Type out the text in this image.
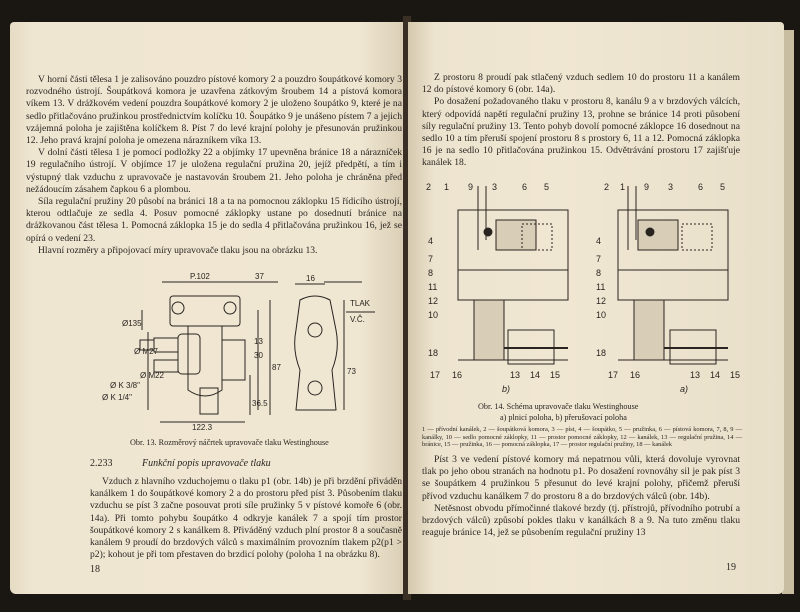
V horní části tělesa 1 je zalisováno pouzdro pístové komory 2 a pouzdro šoupátkové komory 3 rozvodného ústrojí. Šoupátková komora je uzavřena zátkovým šroubem 14 a pístová komora víkem 13. V drážkovém vedení pouzdra šoupátkové komory 2 je uloženo šoupátko 9, které je na sedlo přitlačováno pružinkou prostřednictvím kolíčku 10. Šoupátko 9 je unášeno pístem 7 a jejich vzájemná poloha je zajištěna kolíčkem 8. Píst 7 do levé krajní polohy je přesunován pružinkou 12. Jeho pravá krajní poloha je omezena nárazníkem víka 13.

V dolní části tělesa 1 je pomocí podložky 22 a objímky 17 upevněna bránice 18 a nárazníček 19 regulačního ústrojí. V objímce 17 je uložena regulační pružina 20, jejíž předpětí, a tím i výstupný tlak vzduchu z upravovače je nastavován šroubem 21. Jeho poloha je chráněna před nežádoucím zásahem čapkou 6 a plombou.

Síla regulační pružiny 20 působí na bránici 18 a ta na pomocnou záklopku 15 řídicího ústrojí, kterou odtlačuje ze sedla 4. Posuv pomocné záklopky ustane po dosednutí bránice na drážkovanou část tělesa 1. Pomocná záklopka 15 je do sedla 4 přitlačována pružinkou 16, jež se opírá o vedení 23.

Hlavní rozměry a připojovací míry upravovače tlaku jsou na obrázku 13.

P.102	37	16
Ø135
Ø M27
Ø M22
13
30
87	73
36.5
Ø K 1/4"
Ø K 3/8"
122.3
TLAK
V.Č.
Obr. 13. Rozměrový náčrtek upravovače tlaku Westinghouse
2.233	Funkční popis upravovače tlaku

Vzduch z hlavního vzduchojemu o tlaku p1 (obr. 14b) je při brzdění přiváděn kanálkem 1 do šoupátkové komory 2 a do prostoru před píst 3. Působením tlaku vzduchu se píst 3 začne posouvat proti síle pružinky 5 v pístové komoře 6 (obr. 14a). Při tomto pohybu šoupátko 4 odkryje kanálek 7 a spojí tím prostor šoupátkové komory 2 s kanálkem 8. Přiváděný vzduch plní prostor 8 a současně kanálem 9 proudí do brzdových válců s maximálním provozním tlakem p2(p1 > p2); kohout je při tom přestaven do brzdicí polohy (poloha 1 na obrázku 8).

18

Z prostoru 8 proudí pak stlačený vzduch sedlem 10 do prostoru 11 a kanálem 12 do pístové komory 6 (obr. 14a).

Po dosažení požadovaného tlaku v prostoru 8, kanálu 9 a v brzdových válcích, který odpovídá napětí regulační pružiny 13, prohne se bránice 14 proti působení síly regulační pružiny 13. Tento pohyb dovolí pomocné záklopce 16 dosednout na sedlo 10 a tím přeruší spojení prostoru 8 s prostory 6, 11 a 12. Pomocná záklopka 16 je na sedlo 10 přitlačována pružinkou 15. Odvětrávání prostoru 17 zajišťuje kanálek 18.

2 1 9 3	6 5
4
7
8
11
12
10
18
17 16	13 14 15
b)
2 1 9 3	6 5
4
7
8
11
12
10
18
17 16	13 14 15
a)
Obr. 14. Schéma upravovače tlaku Westinghouse
a) plnicí poloha, b) přerušovací poloha
1 — přívodní kanálek, 2 — šoupátková komora, 3 — píst, 4 — šoupátko, 5 — pružinka, 6 — pístová komora, 7, 8, 9 — kanálky, 10 — sedlo pomocné záklopky, 11 — prostor pomocné záklopky, 12 — kanálek, 13 — regulační pružina, 14 — bránice, 15 — pružinka, 16 — pomocná záklopka, 17 — prostor regulační pružiny, 18 — kanálek

Píst 3 ve vedení pístové komory má nepatrnou vůli, která dovoluje vyrovnat tlak po jeho obou stranách na hodnotu p1. Po dosažení rovnováhy sil je pak píst 3 se šoupátkem 4 pružinkou 5 přesunut do levé krajní polohy, přičemž přeruší přívod vzduchu kanálkem 7 do prostoru 8 a do brzdových válců (obr. 14b).

Netěsnost obvodu přímočinné tlakové brzdy (tj. přístrojů, přívodního potrubí a brzdových válců) způsobí pokles tlaku v kanálkách 8 a 9. Na tuto změnu tlaku reaguje bránice 14, jež se působením regulační pružiny 13

19
